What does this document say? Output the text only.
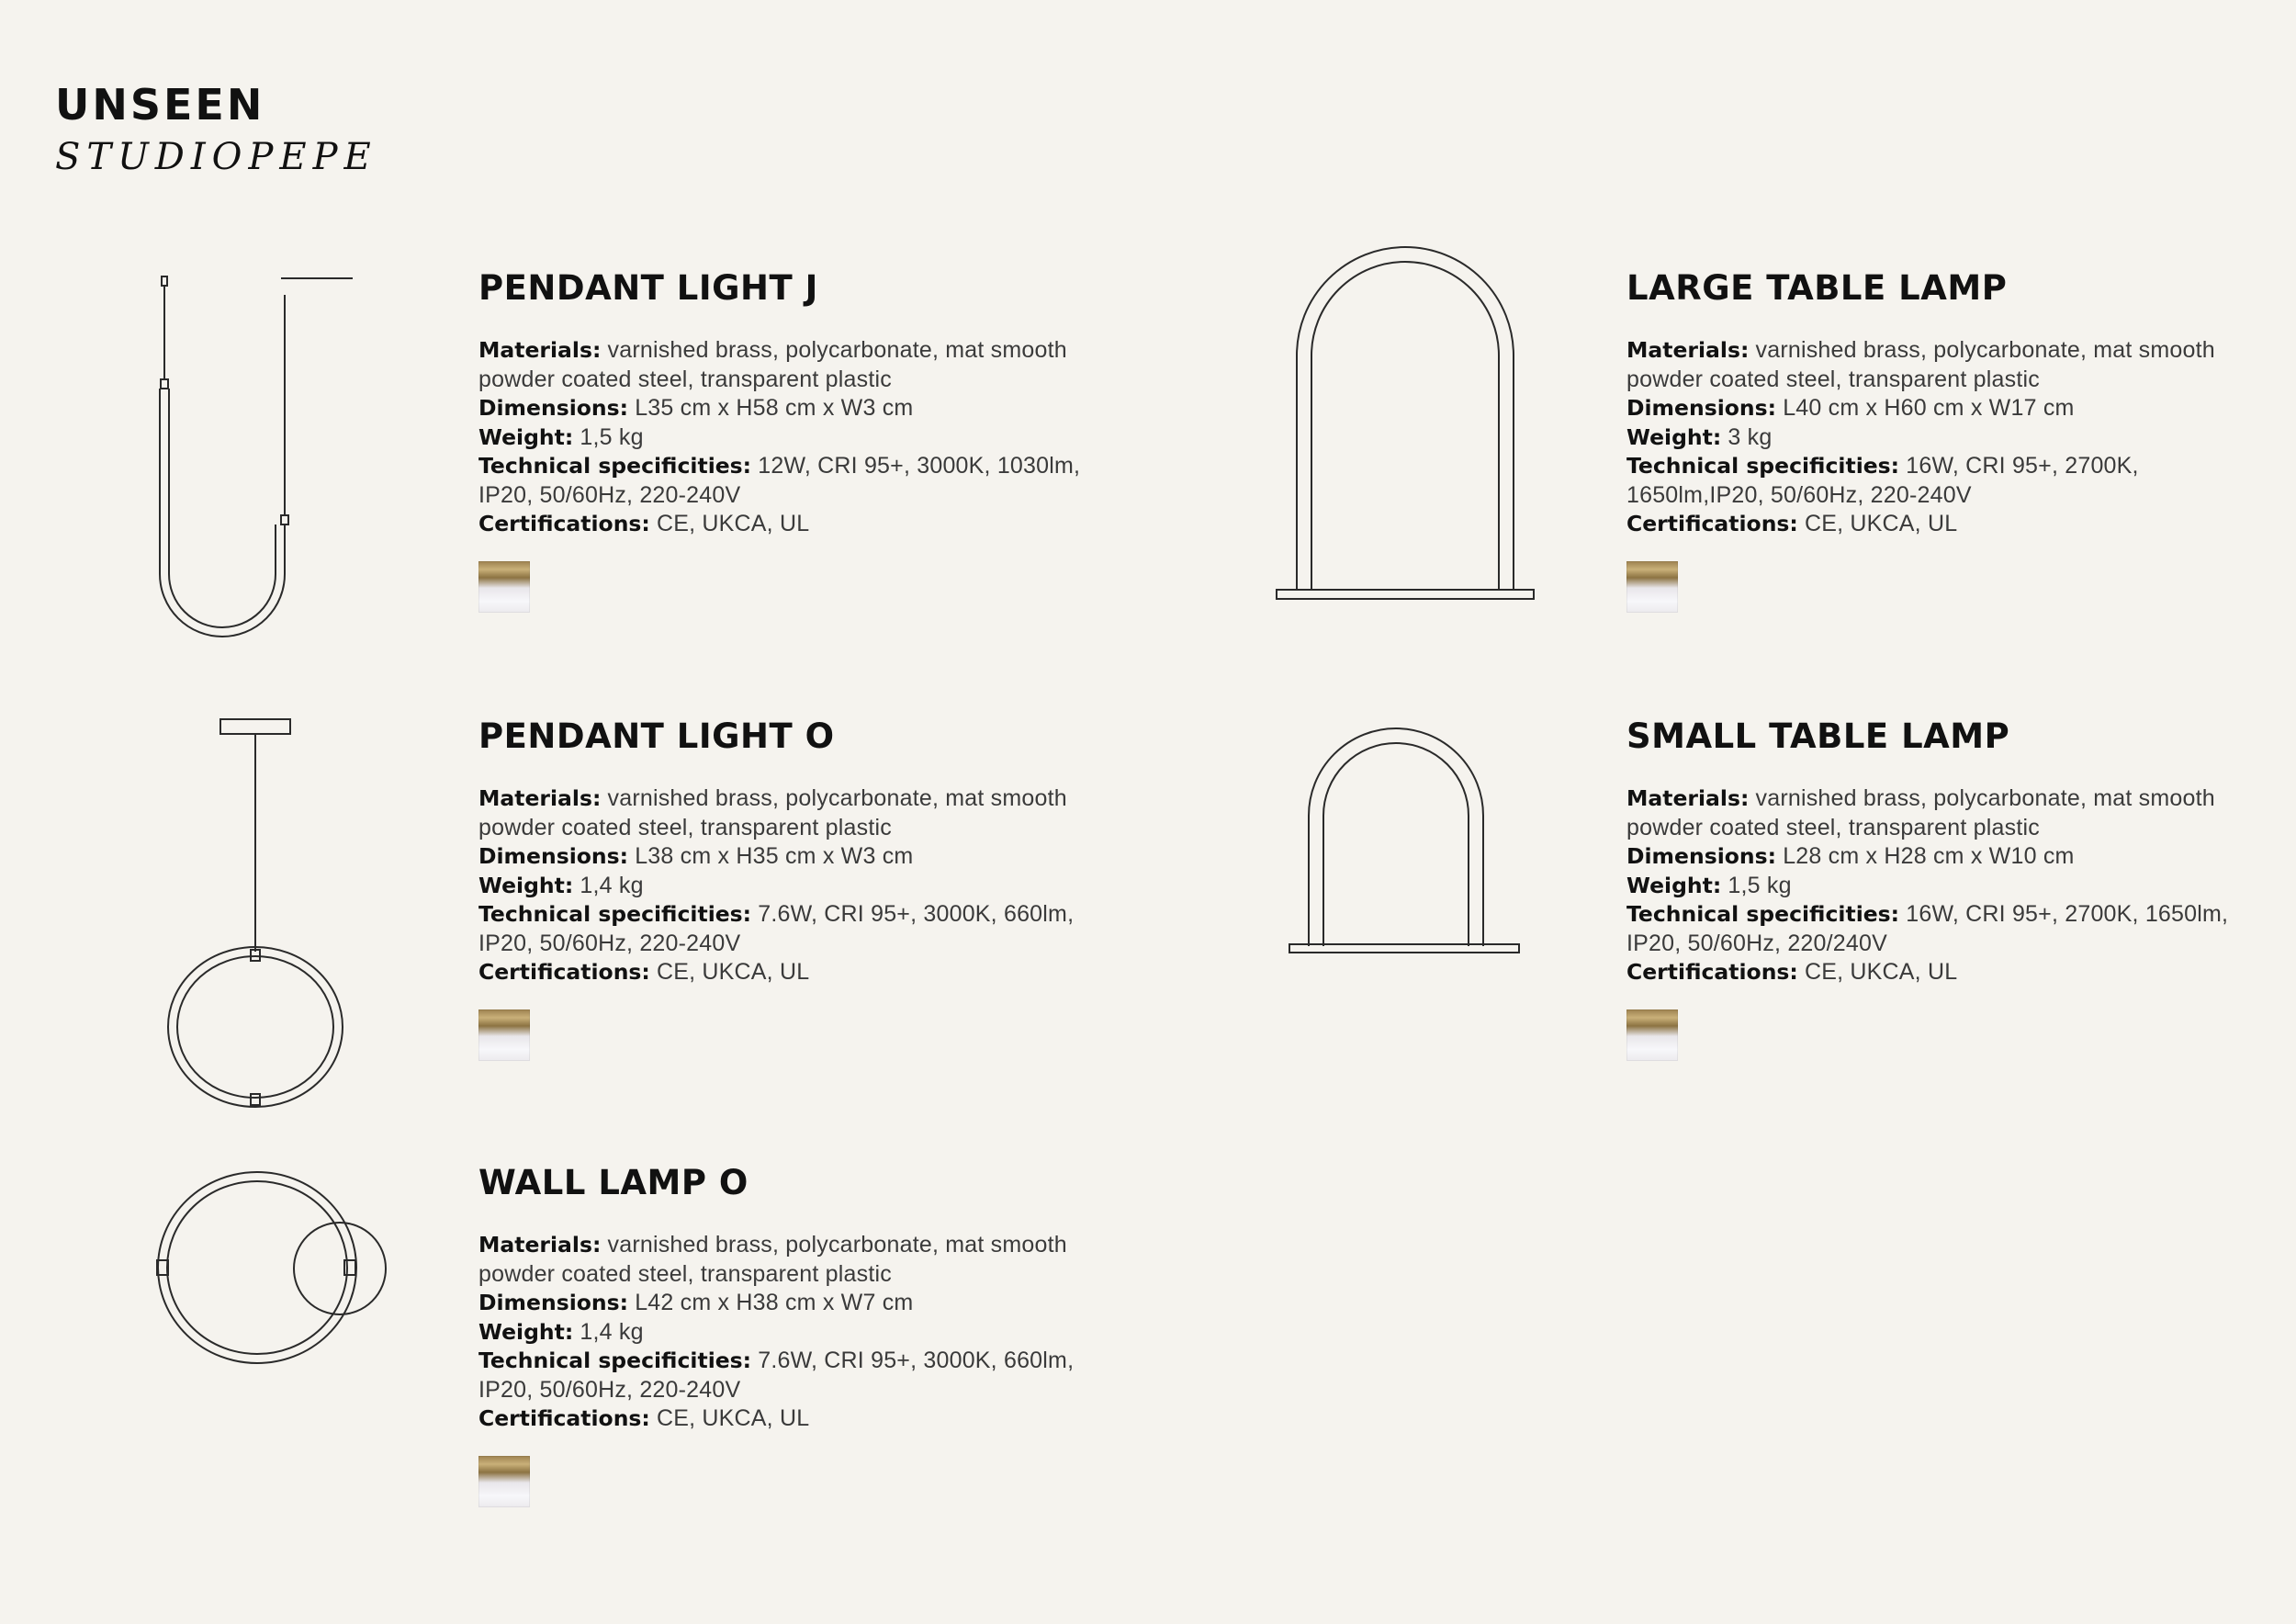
UNSEEN
STUDIOPEPE
PENDANT LIGHT J
Materials: varnished brass, polycarbonate, mat smooth powder coated steel, transparent plastic
Dimensions: L35 cm x H58 cm x W3 cm
Weight: 1,5 kg
Technical specificities: 12W, CRI 95+, 3000K, 1030lm, IP20, 50/60Hz, 220-240V
Certifications: CE, UKCA, UL
LARGE TABLE LAMP
Materials: varnished brass, polycarbonate, mat smooth powder coated steel, transparent plastic
Dimensions: L40 cm x H60 cm x W17 cm
Weight: 3 kg
Technical specificities: 16W, CRI 95+, 2700K, 1650lm,IP20, 50/60Hz, 220-240V
Certifications: CE, UKCA, UL
PENDANT LIGHT O
Materials: varnished brass, polycarbonate, mat smooth powder coated steel, transparent plastic
Dimensions: L38 cm x H35 cm x W3 cm
Weight: 1,4 kg
Technical specificities: 7.6W, CRI 95+, 3000K, 660lm, IP20, 50/60Hz, 220-240V
Certifications: CE, UKCA, UL
SMALL TABLE LAMP
Materials: varnished brass, polycarbonate, mat smooth powder coated steel, transparent plastic
Dimensions: L28 cm x H28 cm x W10 cm
Weight: 1,5 kg
Technical specificities: 16W, CRI 95+, 2700K, 1650lm, IP20, 50/60Hz, 220/240V
Certifications: CE, UKCA, UL
WALL LAMP O
Materials: varnished brass, polycarbonate, mat smooth powder coated steel, transparent plastic
Dimensions: L42 cm x H38 cm x W7 cm
Weight: 1,4 kg
Technical specificities: 7.6W, CRI 95+, 3000K, 660lm, IP20, 50/60Hz, 220-240V
Certifications: CE, UKCA, UL
